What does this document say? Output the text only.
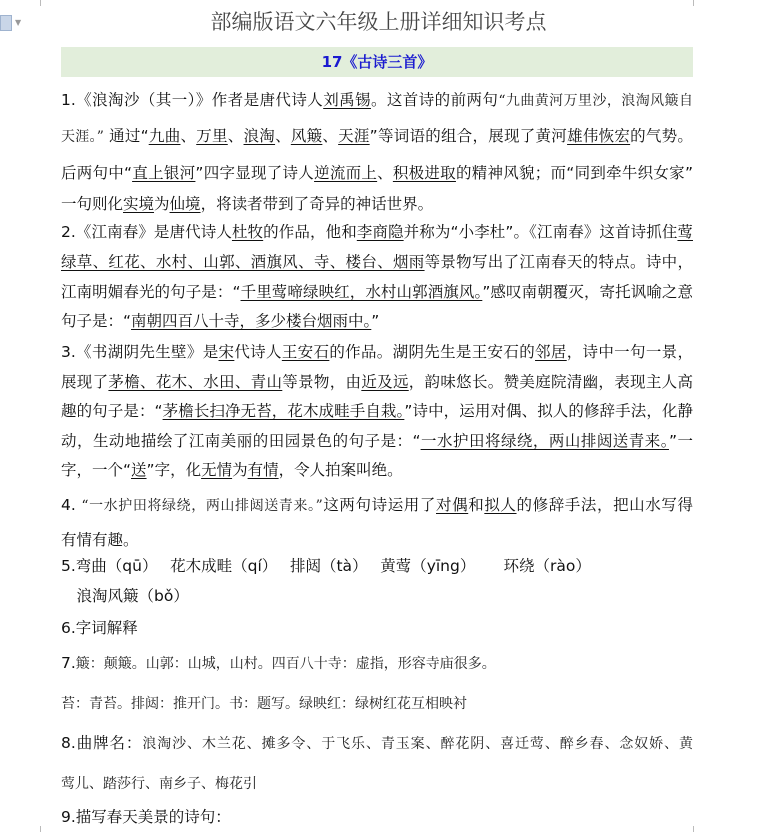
▼	部编版语文六年级上册详细知识考点
17《古诗三首》
1.《浪淘沙（其一）》作者是唐代诗人刘禹锡。这首诗的前两句“九曲黄河万里沙，浪淘风簸自
天涯。” 通过“九曲、万里、浪淘、风簸、天涯”等词语的组合，展现了黄河雄伟恢宏的气势。
后两句中“直上银河”四字显现了诗人逆流而上、积极进取的精神风貌；而“同到牵牛织女家”
一句则化实境为仙境，将读者带到了奇异的神话世界。
2.《江南春》是唐代诗人杜牧的作品，他和李商隐并称为“小李杜”。《江南春》这首诗抓住莺
绿草、红花、水村、山郭、酒旗风、寺、楼台、烟雨等景物写出了江南春天的特点。诗中，
江南明媚春光的句子是：“千里莺啼绿映红，水村山郭酒旗风。”感叹南朝覆灭，寄托讽喻之意
句子是：“南朝四百八十寺，多少楼台烟雨中。”
3.《书湖阴先生壁》是宋代诗人王安石的作品。湖阴先生是王安石的邻居，诗中一句一景，
展现了茅檐、花木、水田、青山等景物，由近及远，韵味悠长。赞美庭院清幽，表现主人高
趣的句子是：“茅檐长扫净无苔，花木成畦手自栽。”诗中，运用对偶、拟人的修辞手法，化静
动，生动地描绘了江南美丽的田园景色的句子是：“一水护田将绿绕，两山排闼送青来。”一
字，一个“送”字，化无情为有情，令人拍案叫绝。
4. “一水护田将绿绕，两山排闼送青来。”这两句诗运用了对偶和拟人的修辞手法，把山水写得
有情有趣。
5.弯曲（qū）　 花木成畦（qí）　 排闼（tà）　 黄莺（yīng）　　 环绕（rào）
　浪淘风簸（bǒ）
6.字词解释
7.簸：颠簸。山郭：山城，山村。四百八十寺：虚指，形容寺庙很多。
苔：青苔。排闼：推开门。书：题写。绿映红：绿树红花互相映衬
8.曲牌名：浪淘沙、木兰花、摊多令、于飞乐、青玉案、醉花阴、喜迁莺、醉乡春、念奴娇、黄
莺儿、踏莎行、南乡子、梅花引
9.描写春天美景的诗句：
